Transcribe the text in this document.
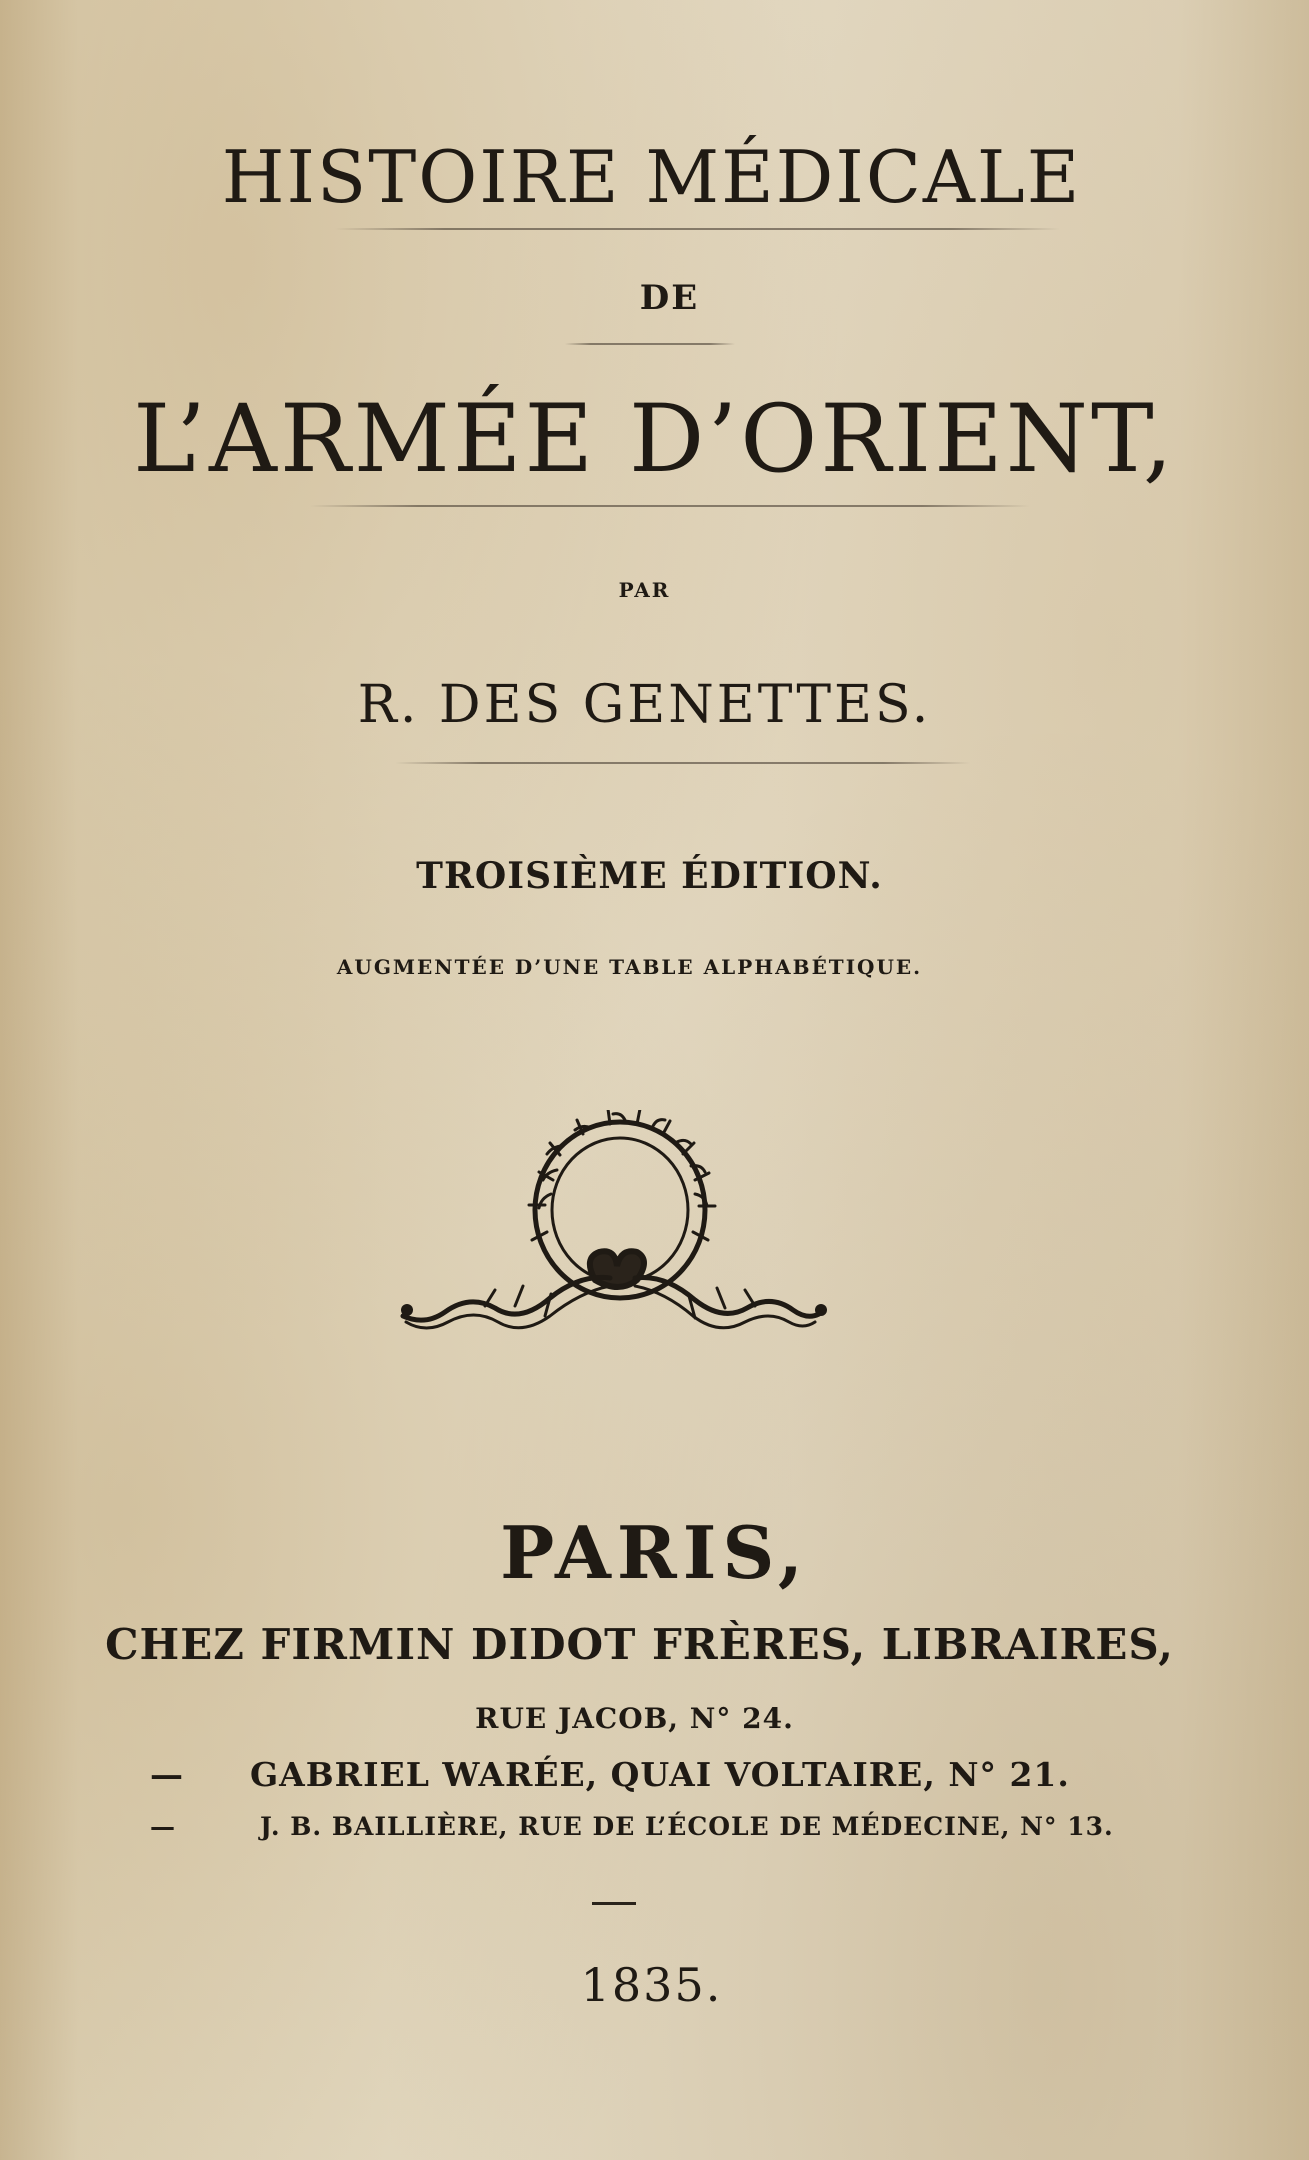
HISTOIRE MÉDICALE
DE
L’ARMÉE D’ORIENT,
PAR
R. DES GENETTES.
TROISIÈME ÉDITION.
AUGMENTÉE D’UNE TABLE ALPHABÉTIQUE.
PARIS,
CHEZ FIRMIN DIDOT FRÈRES, LIBRAIRES,
RUE JACOB, N° 24.
— GABRIEL WARÉE, QUAI VOLTAIRE, N° 21.
—	J. B. BAILLIÈRE, RUE DE L’ÉCOLE DE MÉDECINE, N° 13.
1835.
